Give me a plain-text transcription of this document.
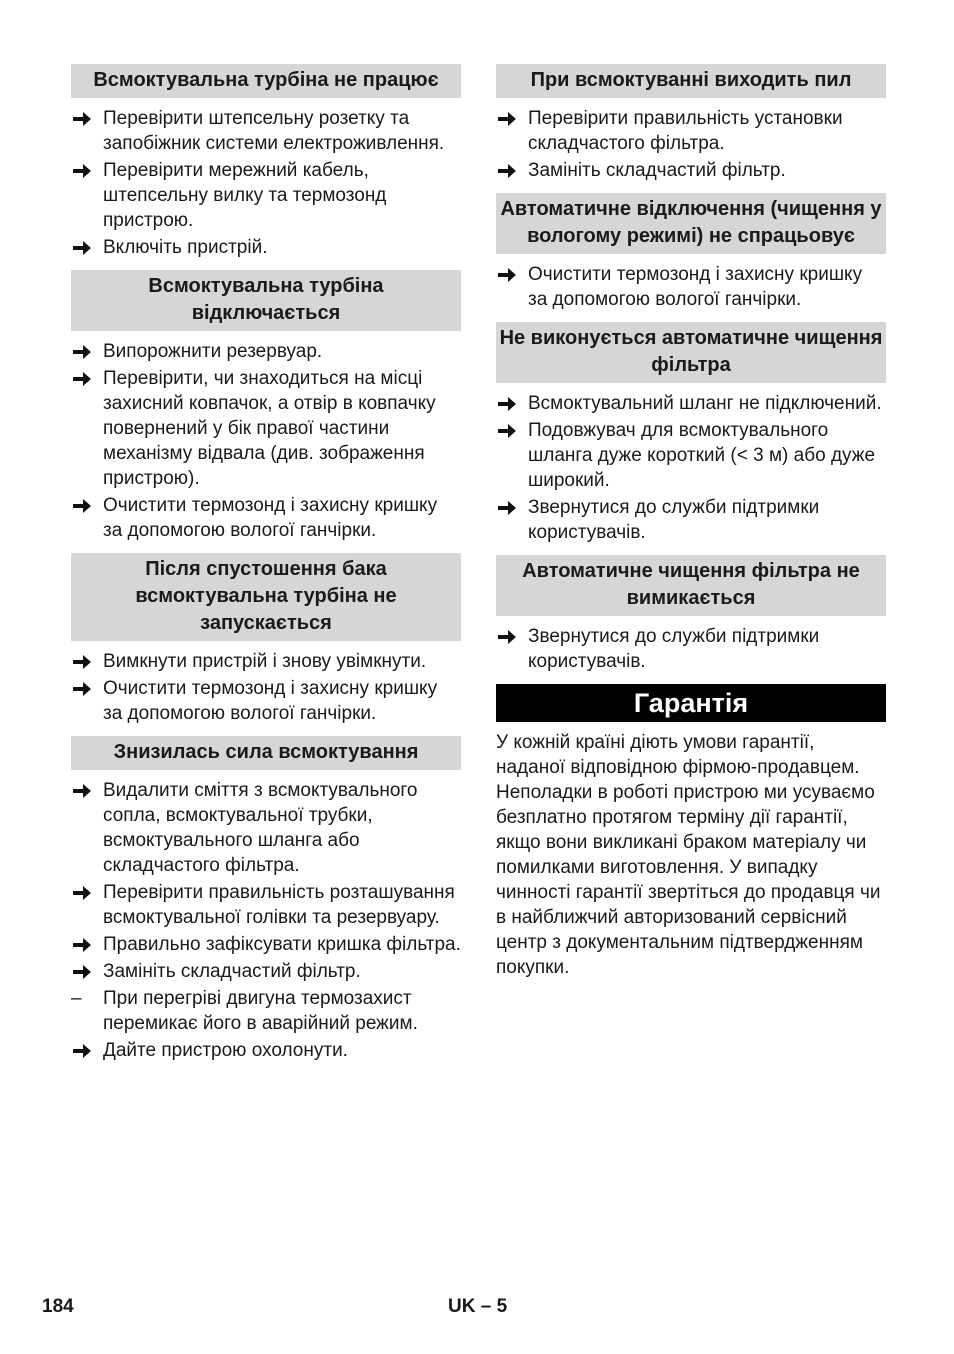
Всмоктувальна турбіна не працює
Перевірити штепсельну розетку та запобіжник системи електроживлення.
Перевірити мережний кабель, штепсельну вилку та термозонд пристрою.
Включіть пристрій.
Всмоктувальна турбіна відключається
Випорожнити резервуар.
Перевірити, чи знаходиться на місці захисний ковпачок, а отвір в ковпачку повернений у бік правої частини механізму відвала (див. зображення пристрою).
Очистити термозонд і захисну кришку за допомогою вологої ганчірки.
Після спустошення бака всмоктувальна турбіна не запускається
Вимкнути пристрій і знову увімкнути.
Очистити термозонд і захисну кришку за допомогою вологої ганчірки.
Знизилась сила всмоктування
Видалити сміття з всмоктувального сопла, всмоктувальної трубки, всмоктувального шланга або складчастого фільтра.
Перевірити правильність розташування всмоктувальної голівки та резервуару.
Правильно зафіксувати кришка фільтра.
Замініть складчастий фільтр.
–	При перегріві двигуна термозахист перемикає його в аварійний режим.
Дайте пристрою охолонути.
При всмоктуванні виходить пил
Перевірити правильність установки складчастого фільтра.
Замініть складчастий фільтр.
Автоматичне відключення (чищення у вологому режимі) не спрацьовує
Очистити термозонд і захисну кришку за допомогою вологої ганчірки.
Не виконується автоматичне чищення фільтра
Всмоктувальний шланг не підключений.
Подовжувач для всмоктувального шланга дуже короткий (< 3 м) або дуже широкий.
Звернутися до служби підтримки користувачів.
Автоматичне чищення фільтра не вимикається
Звернутися до служби підтримки користувачів.
Гарантія
У кожній країні діють умови гарантії, наданої відповідною фірмою-продавцем. Неполадки в роботі пристрою ми усуваємо безплатно протягом терміну дії гарантії, якщо вони викликані браком матеріалу чи помилками виготовлення. У випадку чинності гарантії звертіться до продавця чи в найближчий авторизований сервісний центр з документальним підтвердженням покупки.
184	UK – 5
